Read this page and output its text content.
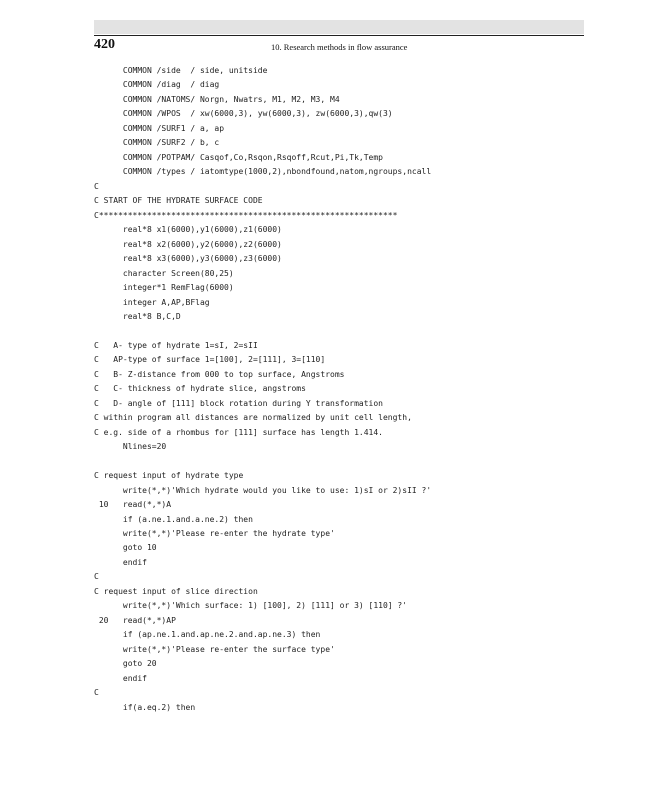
420	10. Research methods in flow assurance
COMMON /side  / side, unitside
COMMON /diag  / diag
COMMON /NATOMS/ Norgn, Nwatrs, M1, M2, M3, M4
COMMON /WPOS  / xw(6000,3), yw(6000,3), zw(6000,3),qw(3)
COMMON /SURF1 / a, ap
COMMON /SURF2 / b, c
COMMON /POTPAM/ Casqof,Co,Rsqon,Rsqoff,Rcut,Pi,Tk,Temp
COMMON /types / iatomtype(1000,2),nbondfound,natom,ngroups,ncall
C
C START OF THE HYDRATE SURFACE CODE
C**************************************************************
real*8 x1(6000),y1(6000),z1(6000)
real*8 x2(6000),y2(6000),z2(6000)
real*8 x3(6000),y3(6000),z3(6000)
character Screen(80,25)
integer*1 RemFlag(6000)
integer A,AP,BFlag
real*8 B,C,D
C   A- type of hydrate 1=sI, 2=sII
C   AP-type of surface 1=[100], 2=[111], 3=[110]
C   B- Z-distance from 000 to top surface, Angstroms
C   C- thickness of hydrate slice, angstroms
C   D- angle of [111] block rotation during Y transformation
C within program all distances are normalized by unit cell length,
C e.g. side of a rhombus for [111] surface has length 1.414.
Nlines=20
C request input of hydrate type
write(*,*)'Which hydrate would you like to use: 1)sI or 2)sII ?'
10   read(*,*)A
if (a.ne.1.and.a.ne.2) then
write(*,*)'Please re-enter the hydrate type'
goto 10
endif
C
C request input of slice direction
write(*,*)'Which surface: 1) [100], 2) [111] or 3) [110] ?'
20   read(*,*)AP
if (ap.ne.1.and.ap.ne.2.and.ap.ne.3) then
write(*,*)'Please re-enter the surface type'
goto 20
endif
C
if(a.eq.2) then
